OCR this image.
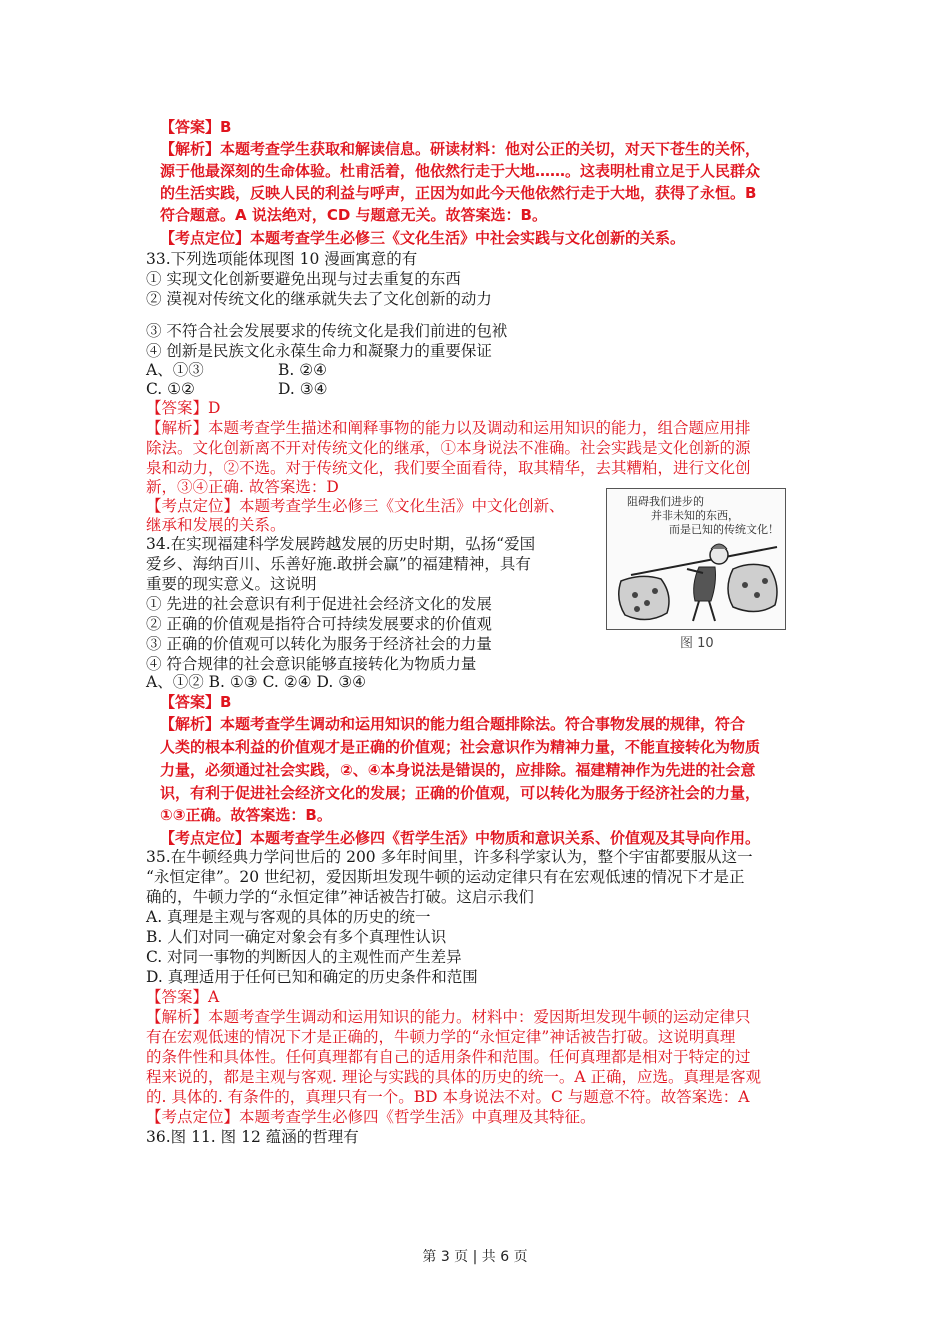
【答案】B
【解析】本题考查学生获取和解读信息。研读材料：他对公正的关切，对天下苍生的关怀，
源于他最深刻的生命体验。杜甫活着，他依然行走于大地……。这表明杜甫立足于人民群众
的生活实践，反映人民的利益与呼声，正因为如此今天他依然行走于大地，获得了永恒。B
符合题意。A 说法绝对，CD 与题意无关。故答案选：B。
【考点定位】本题考查学生必修三《文化生活》中社会实践与文化创新的关系。
33.下列选项能体现图 10 漫画寓意的有
① 实现文化创新要避免出现与过去重复的东西
② 漠视对传统文化的继承就失去了文化创新的动力
③ 不符合社会发展要求的传统文化是我们前进的包袱
④ 创新是民族文化永葆生命力和凝聚力的重要保证
A、①③	B. ②④
C. ①②	D. ③④
【答案】D
【解析】本题考查学生描述和阐释事物的能力以及调动和运用知识的能力，组合题应用排
除法。文化创新离不开对传统文化的继承，①本身说法不准确。社会实践是文化创新的源
泉和动力，②不选。对于传统文化，我们要全面看待，取其精华，去其糟粕，进行文化创
新，③④正确. 故答案选：D
【考点定位】本题考查学生必修三《文化生活》中文化创新、
继承和发展的关系。
阻碍我们进步的
并非未知的东西，
而是已知的传统文化！
图 10
34.在实现福建科学发展跨越发展的历史时期，弘扬“爱国
爱乡、海纳百川、乐善好施.敢拼会赢”的福建精神，具有
重要的现实意义。这说明
① 先进的社会意识有利于促进社会经济文化的发展
② 正确的价值观是指符合可持续发展要求的价值观
③ 正确的价值观可以转化为服务于经济社会的力量
④ 符合规律的社会意识能够直接转化为物质力量
A、①② B. ①③ C. ②④ D. ③④
【答案】B
【解析】本题考查学生调动和运用知识的能力组合题排除法。符合事物发展的规律，符合
人类的根本利益的价值观才是正确的价值观；社会意识作为精神力量，不能直接转化为物质
力量，必须通过社会实践，②、④本身说法是错误的，应排除。福建精神作为先进的社会意
识，有利于促进社会经济文化的发展；正确的价值观，可以转化为服务于经济社会的力量，
①③正确。故答案选：B。
【考点定位】本题考查学生必修四《哲学生活》中物质和意识关系、价值观及其导向作用。
35.在牛顿经典力学问世后的 200 多年时间里，许多科学家认为，整个宇宙都要服从这一
“永恒定律”。20 世纪初，爱因斯坦发现牛顿的运动定律只有在宏观低速的情况下才是正
确的，牛顿力学的“永恒定律”神话被告打破。这启示我们
A. 真理是主观与客观的具体的历史的统一
B. 人们对同一确定对象会有多个真理性认识
C. 对同一事物的判断因人的主观性而产生差异
D. 真理适用于任何已知和确定的历史条件和范围
【答案】A
【解析】本题考查学生调动和运用知识的能力。材料中：爱因斯坦发现牛顿的运动定律只
有在宏观低速的情况下才是正确的，牛顿力学的“永恒定律”神话被告打破。这说明真理
的条件性和具体性。任何真理都有自己的适用条件和范围。任何真理都是相对于特定的过
程来说的，都是主观与客观. 理论与实践的具体的历史的统一。A 正确，应选。真理是客观
的. 具体的. 有条件的，真理只有一个。BD 本身说法不对。C 与题意不符。故答案选：A
【考点定位】本题考查学生必修四《哲学生活》中真理及其特征。
36.图 11. 图 12 蕴涵的哲理有
第 3 页 | 共 6 页
